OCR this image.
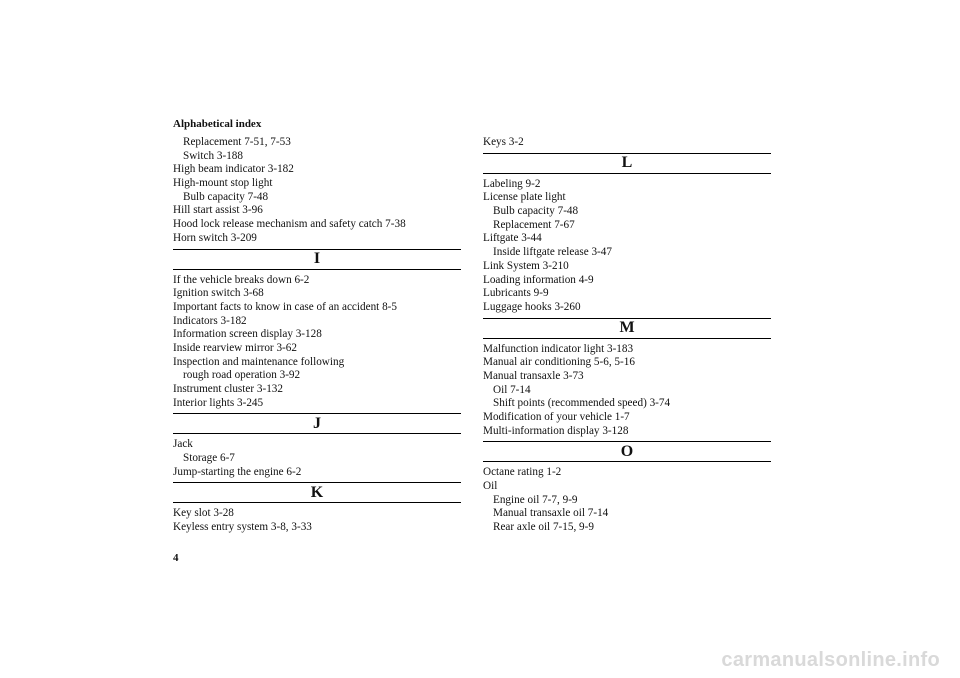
Alphabetical index
Replacement 7-51, 7-53
Switch 3-188
High beam indicator 3-182
High-mount stop light
Bulb capacity 7-48
Hill start assist 3-96
Hood lock release mechanism and safety catch 7-38
Horn switch 3-209
I
If the vehicle breaks down 6-2
Ignition switch 3-68
Important facts to know in case of an accident 8-5
Indicators 3-182
Information screen display 3-128
Inside rearview mirror 3-62
Inspection and maintenance following
rough road operation 3-92
Instrument cluster 3-132
Interior lights 3-245
J
Jack
Storage 6-7
Jump-starting the engine 6-2
K
Key slot 3-28
Keyless entry system 3-8, 3-33
Keys 3-2
L
Labeling 9-2
License plate light
Bulb capacity 7-48
Replacement 7-67
Liftgate 3-44
Inside liftgate release 3-47
Link System 3-210
Loading information 4-9
Lubricants 9-9
Luggage hooks 3-260
M
Malfunction indicator light 3-183
Manual air conditioning 5-6, 5-16
Manual transaxle 3-73
Oil 7-14
Shift points (recommended speed) 3-74
Modification of your vehicle 1-7
Multi-information display 3-128
O
Octane rating 1-2
Oil
Engine oil 7-7, 9-9
Manual transaxle oil 7-14
Rear axle oil 7-15, 9-9
4
carmanualsonline.info
